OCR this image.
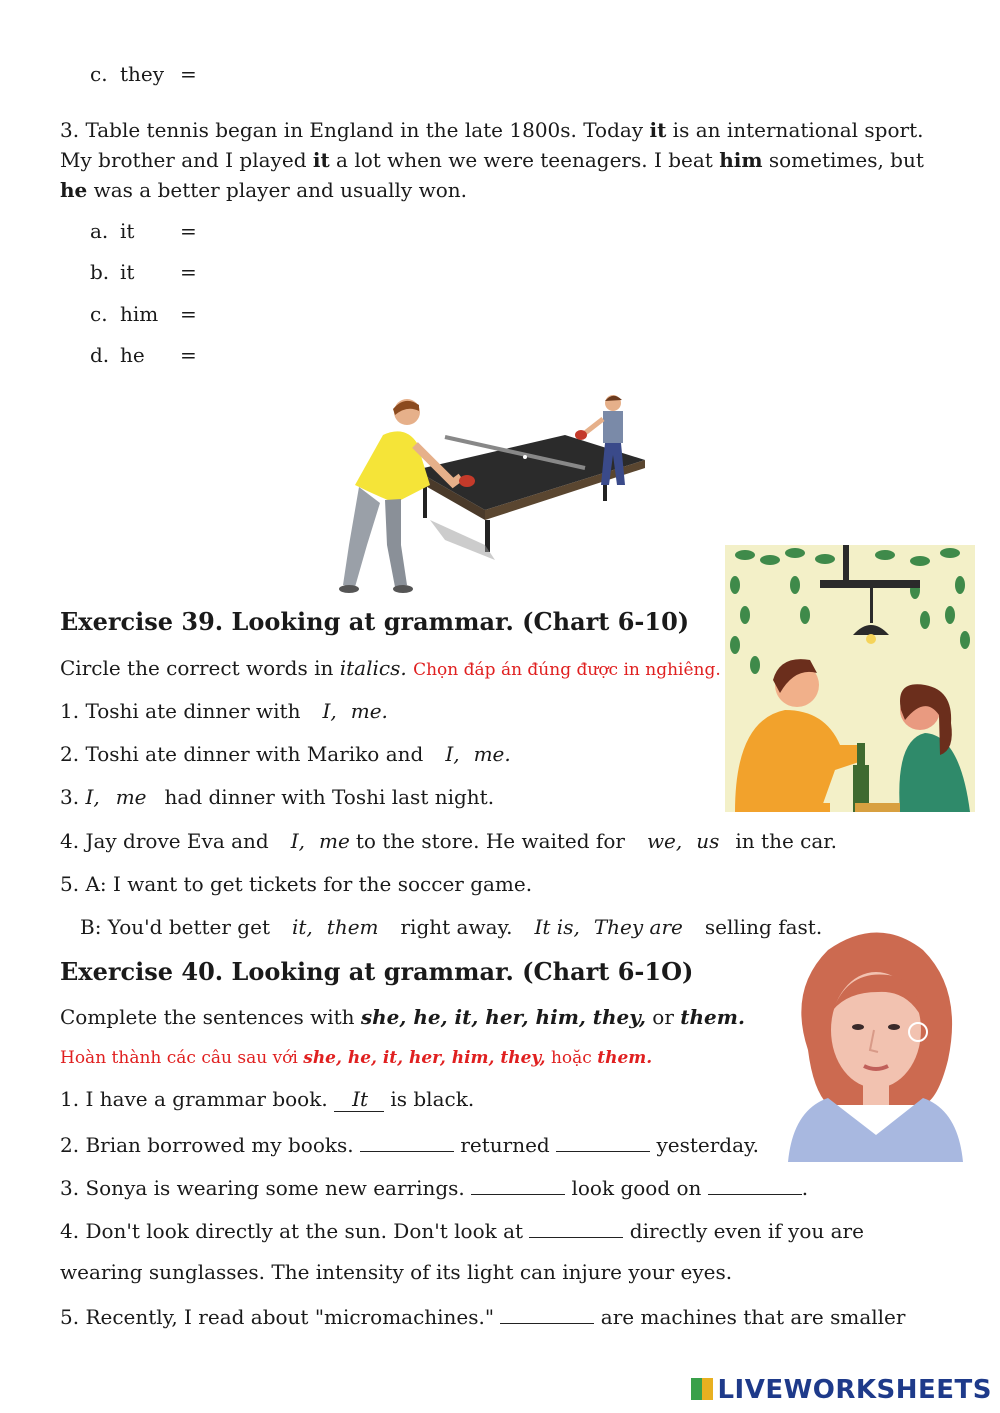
c. they =
3. Table tennis began in England in the late 1800s. Today it is an international sport. My brother and I played it a lot when we were teenagers. I beat him sometimes, but he was a better player and usually won.
a. it =
b. it =
c. him =
d. he =
Exercise 39. Looking at grammar. (Chart 6-10)
Circle the correct words in italics. Chọn đáp án đúng được in nghiêng.
1. Toshi ate dinner with I, me.
2. Toshi ate dinner with Mariko and I, me.
3. I, me had dinner with Toshi last night.
4. Jay drove Eva and I, me to the store. He waited for we, us in the car.
5. A: I want to get tickets for the soccer game.
B: You'd better get it, them right away. It is, They are selling fast.
Exercise 40. Looking at grammar. (Chart 6-1O)
Complete the sentences with she, he, it, her, him, they, or them.
Hoàn thành các câu sau với she, he, it, her, him, they, hoặc them.
1. I have a grammar book. It is black.
2. Brian borrowed my books.	returned	yesterday.
3. Sonya is wearing some new earrings.	look good on	.
4. Don't look directly at the sun. Don't look at	directly even if you are
wearing sunglasses. The intensity of its light can injure your eyes.
5. Recently, I read about "micromachines."	are machines that are smaller
LIVEWORKSHEETS
